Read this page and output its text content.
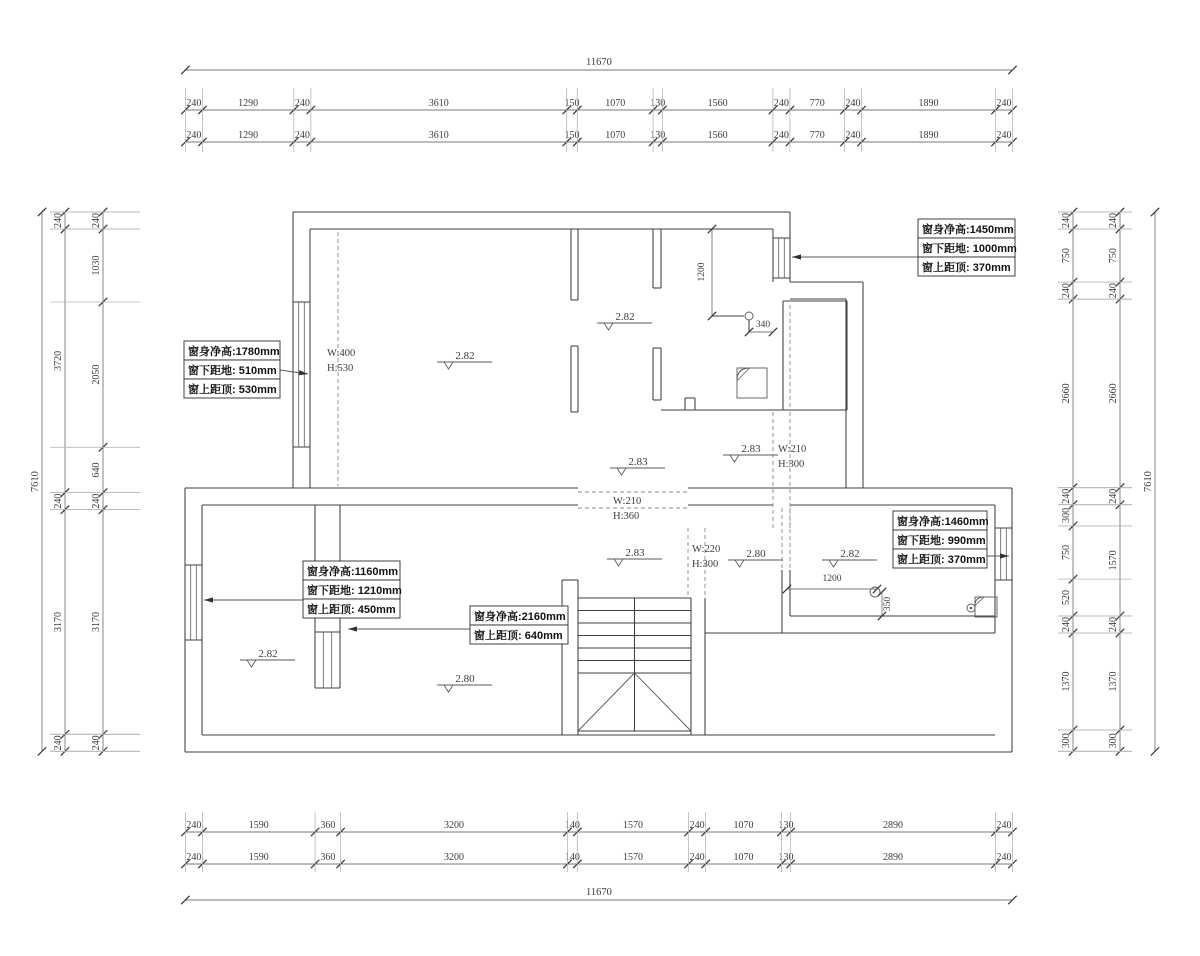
11670
240	1290	240	3610	150	1070	130	1560	240 770 240	1890	240
240	1290	240	3610	150	1070	130	1560	240 770 240	1890	240
240	1590	360	3200	140	1570	240	1070	130	2890	240
240	1590	360	3200	140	1570	240	1070	130	2890	240
11670
7610
240
3720
240
3170
240
240
1030
2050
640
240
3170
240
240
750
240
2660
240
300
750
520
240
1370
300
240
750
240
2660
240
1570
240
1370
300
7610
2.82
2.82
2.83
2.83
2.83	2.80	2.82
2.82
2.80
W:400
H:530
W:210
H:360
W:210
H:300
W:220
H:300
1200
340
1200
350
窗身净高:1780mm
窗下距地: 510mm
窗上距顶: 530mm
窗身净高:1450mm
窗下距地: 1000mm
窗上距顶: 370mm
窗身净高:1460mm
窗下距地: 990mm
窗上距顶: 370mm
窗身净高:1160mm
窗下距地: 1210mm
窗上距顶: 450mm
窗身净高:2160mm
窗上距顶: 640mm
